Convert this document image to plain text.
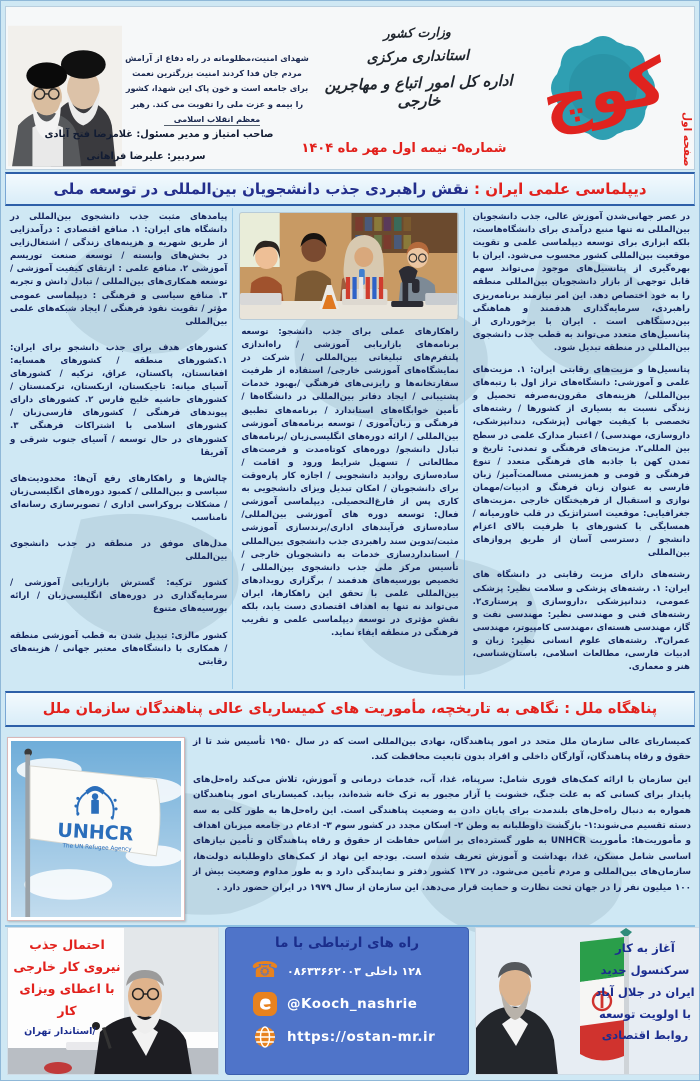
شهدای امنیت،مظلومانه در راه دفاع از آرامش مردم جان فدا کردند امنیت بزرگترین نعمت برای جامعه است و خون پاک این شهدا، کشور را بیمه و عزت ملی را تقویت می کند. رهبر معظم انقلاب اسلامی
صاحب امتیاز و مدیر مسئول: غلامرضا فتح آبادی
سردبیر: علیرضا فراهانی
وزارت کشور
استانداری مرکزی
اداره کل امور اتباع و مهاجرین خارجی
شماره۵- نیمه اول مهر ماه ۱۴۰۴
کوچ
صفحه اول
دیپلماسی علمی ایران :
نقش راهبردی جذب دانشجویان بین‌المللی در توسعه ملی

در عصر جهانی‌شدن آموزش عالی، جذب دانشجویان بین‌المللی نه تنها منبع درآمدی برای دانشگاه‌هاست، بلکه ابزاری برای توسعه دیپلماسی علمی و تقویت موقعیت بین‌المللی کشور محسوب می‌شود. ایران با بهره‌گیری از پتانسیل‌های موجود می‌تواند سهم قابل توجهی از بازار دانشجویان بین‌المللی منطقه را به خود اختصاص دهد. این امر نیازمند برنامه‌ریزی راهبردی، سرمایه‌گذاری هدفمند و هماهنگی بین‌دستگاهی است . ایران با برخورداری از پتانسیل‌های متعدد می‌تواند به قطب جذب دانشجوی بین‌المللی در منطقه تبدیل شود.

پتانسیل‌ها و مزیت‌های رقابتی ایران: ۱. مزیت‌های علمی و آموزشی: دانشگاه‌های تراز اول با رتبه‌های بین‌المللی/ هزینه‌های مقرون‌به‌صرفه تحصیل و زندگی نسبت به بسیاری از کشورها / رشته‌های تخصصی با کیفیت جهانی (پزشکی، دندانپزشکی، داروسازی، مهندسی) / اعتبار مدارک علمی در سطح بین المللی۲. مزیت‌های فرهنگی و تمدنی: تاریخ و تمدن کهن با جاذبه های فرهنگی متعدد / تنوع فرهنگی و قومی و همزیستی مسالمت‌آمیز/ زبان فارسی به عنوان زبان فرهنگ و ادبیات/مهمان نوازی و استقبال از فرهیختگان خارجی .مزیت‌های جغرافیایی: موقعیت استراتژیک در قلب خاورمیانه / همسایگی با کشورهای با ظرفیت بالای اعزام دانشجو / دسترسی آسان از طریق پروازهای بین‌المللی

رشته‌های دارای مزیت رقابتی در دانشگاه های ایران: ۱. رشته‌های پزشکی و سلامت نظیر: پزشکی عمومی، دندانپزشکی ،داروسازی و پرستاری۲. رشته‌های فنی و مهندسی نظیر: مهندسی نفت و گاز، مهندسی هسته‌ای ،مهندسی کامپیوتر، مهندسی عمران۳. رشته‌های علوم انسانی نظیر: زبان و ادبیات فارسی، مطالعات اسلامی، باستان‌شناسی، هنر و معماری.

راهکارهای عملی برای جذب دانشجو: توسعه برنامه‌های بازاریابی آموزشی / راه‌اندازی پلتفرم‌های تبلیغاتی بین‌المللی / شرکت در نمایشگاه‌های آموزشی خارجی/ استفاده از ظرفیت سفارتخانه‌ها و رایزنی‌های فرهنگی /بهبود خدمات پشتیبانی / ایجاد دفاتر بین‌المللی در دانشگاه‌ها / تأمین خوابگاه‌های استاندارد / برنامه‌های تطبیق فرهنگی و زبان‌آموزی / توسعه برنامه‌های آموزشی بین‌المللی / ارائه دوره‌های انگلیسی‌زبان /برنامه‌های تبادل دانشجو/ دوره‌های کوتاه‌مدت و فرصت‌های مطالعاتی / تسهیل شرایط ورود و اقامت / ساده‌سازی روادید دانشجویی / اجازه کار پاره‌وقت برای دانشجویان / امکان تبدیل ویزای دانشجویی به کاری پس از فارغ‌التحصیلی. دیپلماسی آموزشی فعال: توسعه دوره های آموزشی بین‌المللی/ساده‌سازی فرآیندهای اداری/برندسازی آموزشی مثبت/تدوین سند راهبردی جذب دانشجوی بین‌المللی / استانداردسازی خدمات به دانشجویان خارجی / تأسیس مرکز ملی جذب دانشجوی بین‌المللی / تخصیص بورسیه‌های هدفمند / برگزاری رویدادهای بین‌المللی علمی با تحقق این راهکارها، ایران می‌تواند نه تنها به اهداف اقتصادی دست یابد، بلکه نقش مؤثری در توسعه دیپلماسی علمی و تقریب فرهنگی در منطقه ایفاء نماید.

پیامدهای مثبت جذب دانشجوی بین‌المللی در دانشگاه های ایران: ۱. منافع اقتصادی : درآمدزایی از طریق شهریه و هزینه‌های زندگی / اشتغال‌زایی در بخش‌های وابسته / توسعه صنعت توریسم آموزشی ۲. منافع علمی : ارتقای کیفیت آموزشی / توسعه همکاری‌های بین‌المللی / تبادل دانش و تجربه ۳. منافع سیاسی و فرهنگی : دیپلماسی عمومی مؤثر / تقویت نفوذ فرهنگی / ایجاد شبکه‌های علمی بین‌المللی

کشورهای هدف برای جذب دانشجو برای ایران: ۱.کشورهای منطقه / کشورهای همسایه: افغانستان، پاکستان، عراق، ترکیه / کشورهای آسیای میانه: تاجیکستان، ازبکستان، ترکمنستان / کشورهای حاشیه خلیج فارس ۲. کشورهای دارای پیوندهای فرهنگی / کشورهای فارسی‌زبان / کشورهای اسلامی با اشتراکات فرهنگی ۳. کشورهای در حال توسعه / آسیای جنوب شرقی و آفریقا

چالش‌ها و راهکارهای رفع آن‌ها: محدودیت‌های سیاسی و بین‌المللی / کمبود دوره‌های انگلیسی‌زبان / مشکلات بروکراسی اداری / تصویرسازی رسانه‌ای نامناسب

مدل‌های موفق در منطقه در جذب دانشجوی بین‌المللی

کشور ترکیه: گسترش بازاریابی آموزشی / سرمایه‌گذاری در دوره‌های انگلیسی‌زبان / ارائه بورسیه‌های متنوع

کشور مالزی: تبدیل شدن به قطب آموزشی منطقه / همکاری با دانشگاه‌های معتبر جهانی / هزینه‌های رقابتی

پناهگاه ملل : نگاهی به تاریخچه، مأموریت های کمیساریای عالی پناهندگان سازمان ملل
UNHCR
The UN Refugee Agency

کمیساریای عالی سازمان ملل متحد در امور پناهندگان، نهادی بین‌المللی است که در سال ۱۹۵۰ تأسیس شد تا از حقوق و رفاه پناهندگان، آوارگان داخلی و افراد بدون تابعیت محافظت کند.

این سازمان با ارائه کمک‌های فوری شامل: سرپناه، غذا، آب، خدمات درمانی و آموزش، تلاش می‌کند راه‌حل‌های پایدار برای کسانی که به علت جنگ، خشونت یا آزار مجبور به ترک خانه شده‌اند، بیابد. کمیساریای امور پناهندگان همواره به دنبال راه‌حل‌های بلندمدت برای پایان دادن به وضعیت پناهندگی است. این راه‌حل‌ها به طور کلی به سه دسته تقسیم می‌شوند:۱- بازگشت داوطلبانه به وطن ۲- اسکان مجدد در کشور سوم ۳- ادغام در جامعه میزبان اهداف و مأموریت‌ها: مأموریت UNHCR به طور گسترده‌ای بر اساس حفاظت از حقوق و رفاه پناهندگان و تأمین نیازهای اساسی شامل مسکن، غذا، بهداشت و آموزش تعریف شده است. بودجه این نهاد از کمک‌های داوطلبانه دولت‌ها، سازمان‌های بین‌المللی و مردم تأمین می‌شود. در ۱۳۷ کشور دفتر و نمایندگی دارد و به طور مداوم وضعیت بیش از ۱۰۰ میلیون نفر را در جهان تحت نظارت و حمایت قرار می‌دهد. این سازمان از سال ۱۹۷۹ در ایران حضور دارد .

احتمال جذب نیروی کار خارجی با اعطای ویزای کار
/استاندار تهران
راه های ارتباطی با ما
☎ ۱۲۸ داخلی ۰۸۶۳۳۶۶۲۰۰۳
@Kooch_nashrie
https://ostan-mr.ir
آغاز به کار سرکنسول جدید ایران در جلال آباد با اولویت توسعه روابط اقتصادی
